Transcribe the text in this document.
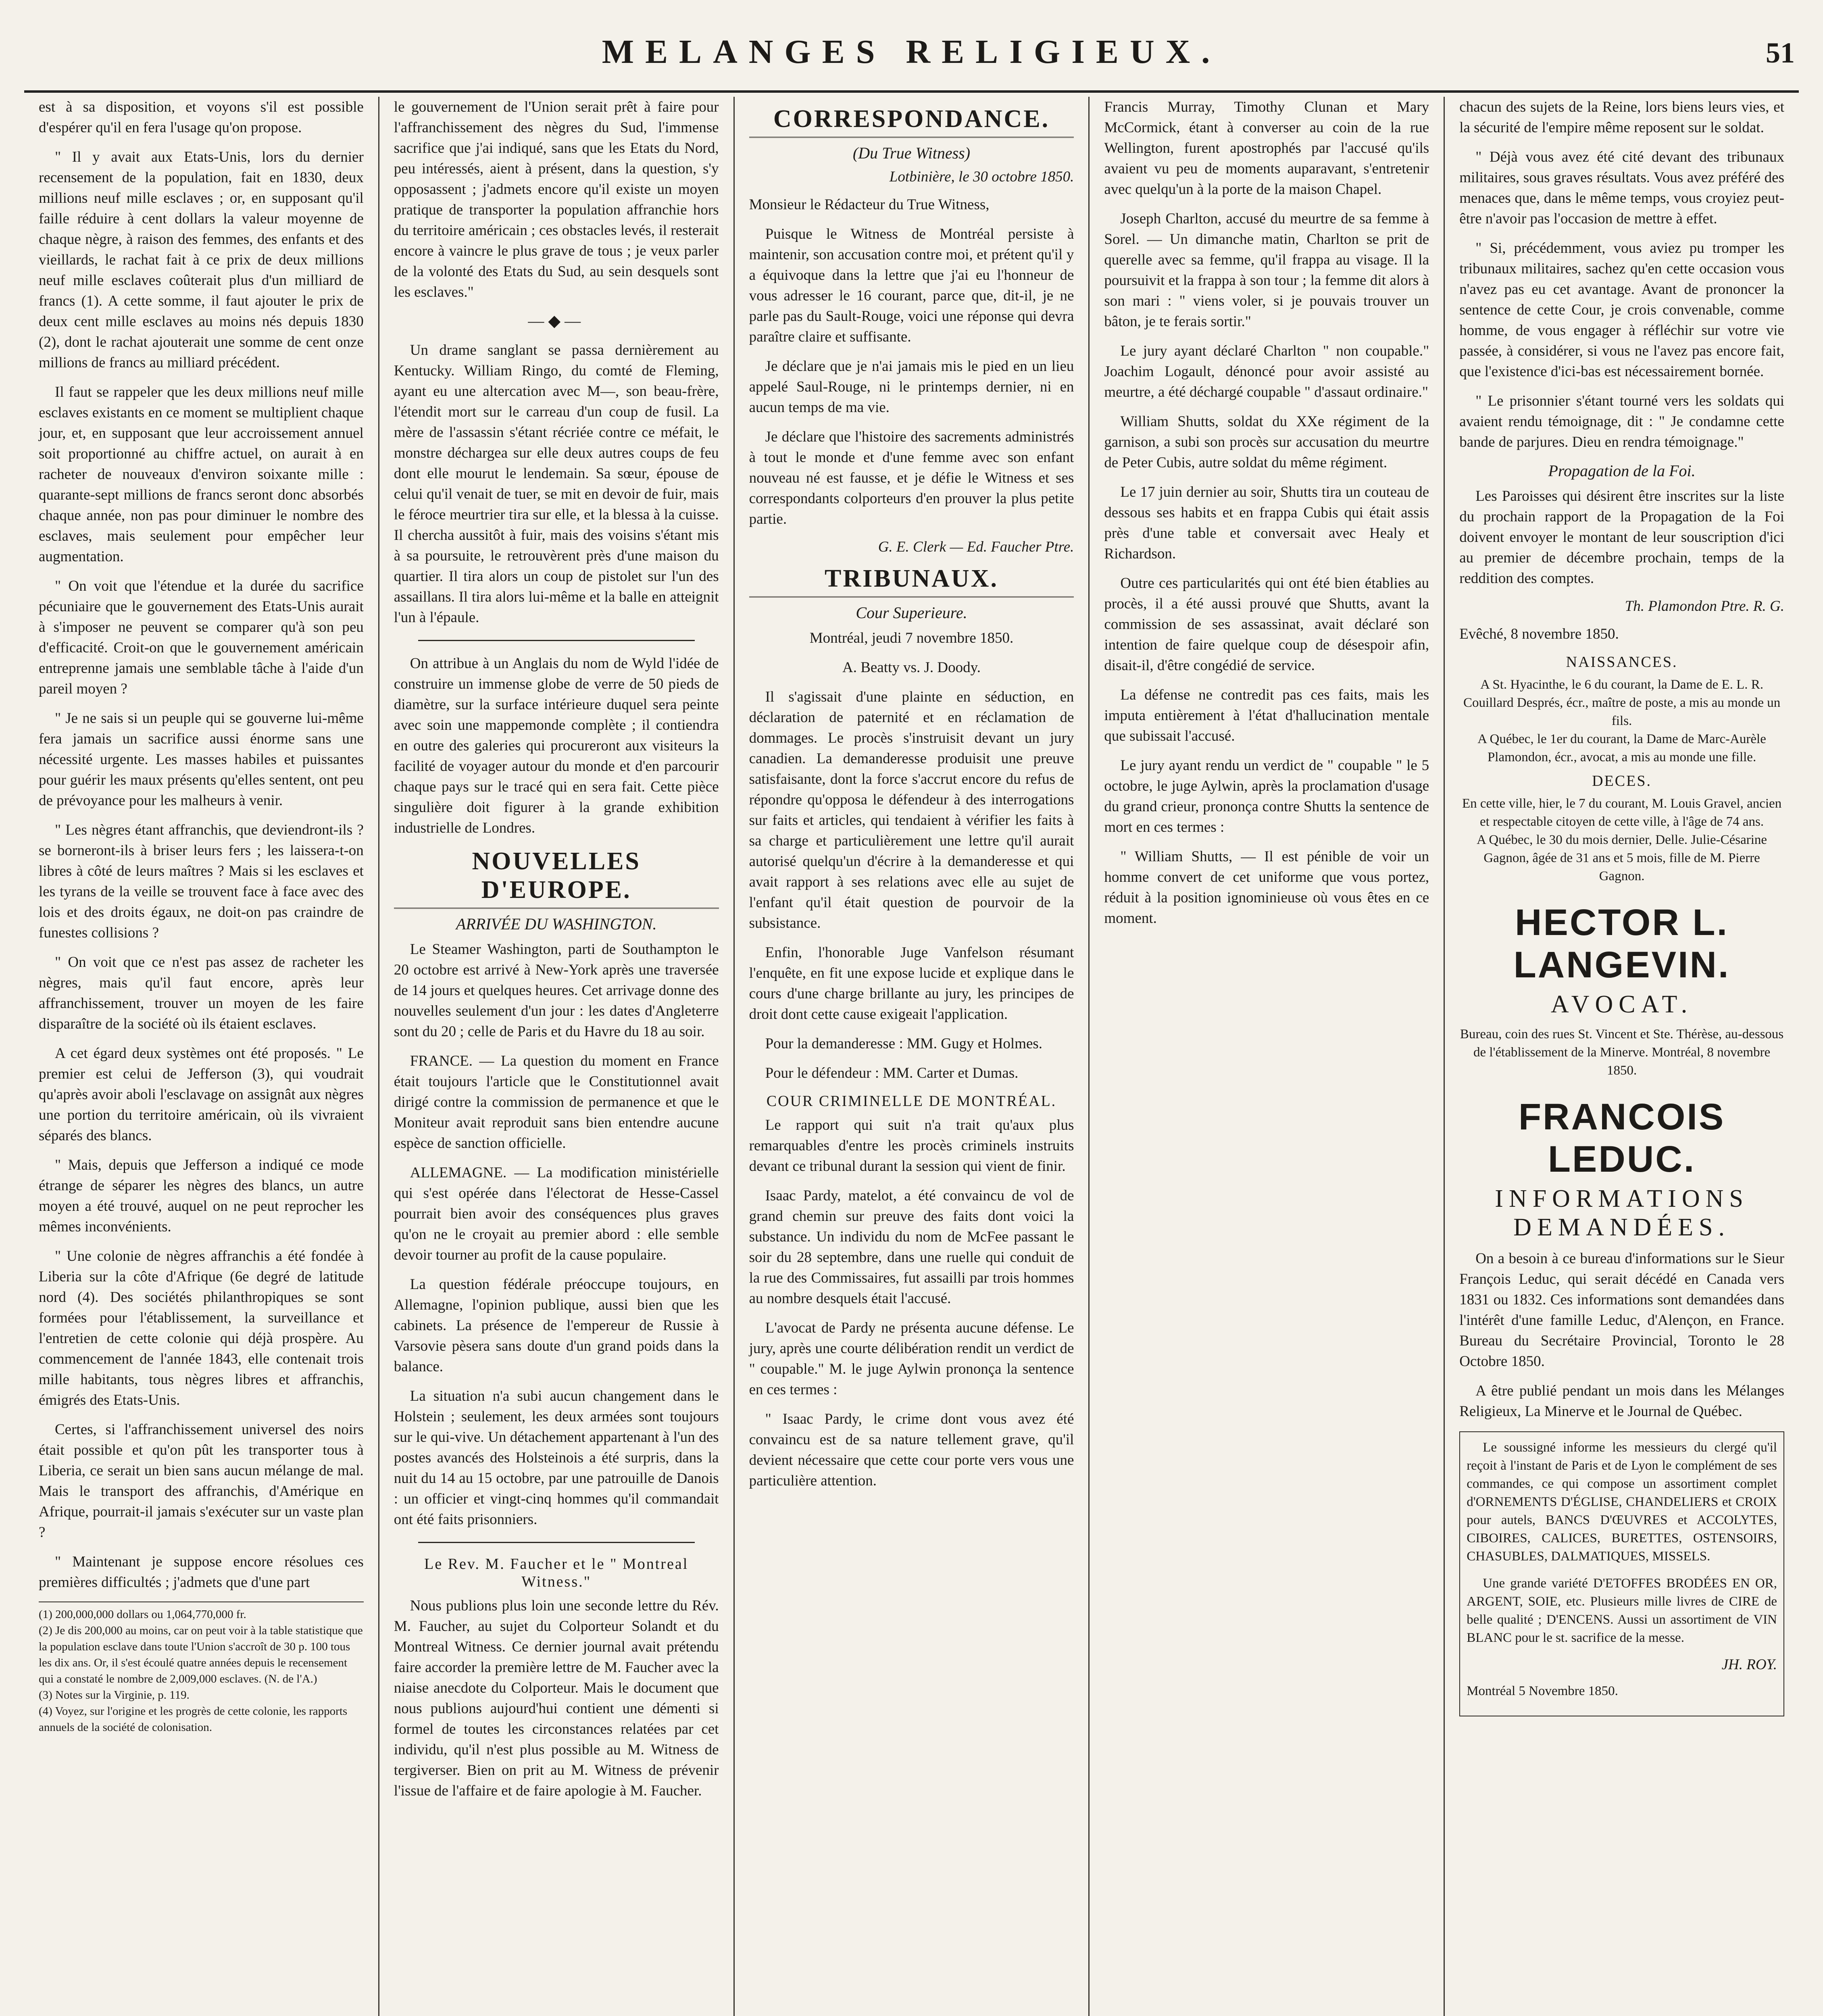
MELANGES RELIGIEUX.	51

est à sa disposition, et voyons s'il est possible d'espérer qu'il en fera l'usage qu'on propose.

" Il y avait aux Etats-Unis, lors du dernier recensement de la population, fait en 1830, deux millions neuf mille esclaves ; or, en supposant qu'il faille réduire à cent dollars la valeur moyenne de chaque nègre, à raison des femmes, des enfants et des vieillards, le rachat fait à ce prix de deux millions neuf mille esclaves coûterait plus d'un milliard de francs (1). A cette somme, il faut ajouter le prix de deux cent mille esclaves au moins nés depuis 1830 (2), dont le rachat ajouterait une somme de cent onze millions de francs au milliard précédent.

Il faut se rappeler que les deux millions neuf mille esclaves existants en ce moment se multiplient chaque jour, et, en supposant que leur accroissement annuel soit proportionné au chiffre actuel, on aurait à en racheter de nouveaux d'environ soixante mille : quarante-sept millions de francs seront donc absorbés chaque année, non pas pour diminuer le nombre des esclaves, mais seulement pour empêcher leur augmentation.

" On voit que l'étendue et la durée du sacrifice pécuniaire que le gouvernement des Etats-Unis aurait à s'imposer ne peuvent se comparer qu'à son peu d'efficacité. Croit-on que le gouvernement américain entreprenne jamais une semblable tâche à l'aide d'un pareil moyen ?

" Je ne sais si un peuple qui se gouverne lui-même fera jamais un sacrifice aussi énorme sans une nécessité urgente. Les masses habiles et puissantes pour guérir les maux présents qu'elles sentent, ont peu de prévoyance pour les malheurs à venir.

" Les nègres étant affranchis, que deviendront-ils ? se borneront-ils à briser leurs fers ; les laissera-t-on libres à côté de leurs maîtres ? Mais si les esclaves et les tyrans de la veille se trouvent face à face avec des lois et des droits égaux, ne doit-on pas craindre de funestes collisions ?

" On voit que ce n'est pas assez de racheter les nègres, mais qu'il faut encore, après leur affranchissement, trouver un moyen de les faire disparaître de la société où ils étaient esclaves.

A cet égard deux systèmes ont été proposés. " Le premier est celui de Jefferson (3), qui voudrait qu'après avoir aboli l'esclavage on assignât aux nègres une portion du territoire américain, où ils vivraient séparés des blancs.

" Mais, depuis que Jefferson a indiqué ce mode étrange de séparer les nègres des blancs, un autre moyen a été trouvé, auquel on ne peut reprocher les mêmes inconvénients.

" Une colonie de nègres affranchis a été fondée à Liberia sur la côte d'Afrique (6e degré de latitude nord (4). Des sociétés philanthropiques se sont formées pour l'établissement, la surveillance et l'entretien de cette colonie qui déjà prospère. Au commencement de l'année 1843, elle contenait trois mille habitants, tous nègres libres et affranchis, émigrés des Etats-Unis.

Certes, si l'affranchissement universel des noirs était possible et qu'on pût les transporter tous à Liberia, ce serait un bien sans aucun mélange de mal. Mais le transport des affranchis, d'Amérique en Afrique, pourrait-il jamais s'exécuter sur un vaste plan ?

" Maintenant je suppose encore résolues ces premières difficultés ; j'admets que d'une part

(1) 200,000,000 dollars ou 1,064,770,000 fr.
(2) Je dis 200,000 au moins, car on peut voir à la table statistique que la population esclave dans toute l'Union s'accroît de 30 p. 100 tous les dix ans. Or, il s'est écoulé quatre années depuis le recensement qui a constaté le nombre de 2,009,000 esclaves. (N. de l'A.)
(3) Notes sur la Virginie, p. 119.
(4) Voyez, sur l'origine et les progrès de cette colonie, les rapports annuels de la société de colonisation.

le gouvernement de l'Union serait prêt à faire pour l'affranchissement des nègres du Sud, l'immense sacrifice que j'ai indiqué, sans que les Etats du Nord, peu intéressés, aient à présent, dans la question, s'y opposassent ; j'admets encore qu'il existe un moyen pratique de transporter la population affranchie hors du territoire américain ; ces obstacles levés, il resterait encore à vaincre le plus grave de tous ; je veux parler de la volonté des Etats du Sud, au sein desquels sont les esclaves."

—◆—

Un drame sanglant se passa dernièrement au Kentucky. William Ringo, du comté de Fleming, ayant eu une altercation avec M—, son beau-frère, l'étendit mort sur le carreau d'un coup de fusil. La mère de l'assassin s'étant récriée contre ce méfait, le monstre déchargea sur elle deux autres coups de feu dont elle mourut le lendemain. Sa sœur, épouse de celui qu'il venait de tuer, se mit en devoir de fuir, mais le féroce meurtrier tira sur elle, et la blessa à la cuisse. Il chercha aussitôt à fuir, mais des voisins s'étant mis à sa poursuite, le retrouvèrent près d'une maison du quartier. Il tira alors un coup de pistolet sur l'un des assaillans. Il tira alors lui-même et la balle en atteignit l'un à l'épaule.

On attribue à un Anglais du nom de Wyld l'idée de construire un immense globe de verre de 50 pieds de diamètre, sur la surface intérieure duquel sera peinte avec soin une mappemonde complète ; il contiendra en outre des galeries qui procureront aux visiteurs la facilité de voyager autour du monde et d'en parcourir chaque pays sur le tracé qui en sera fait. Cette pièce singulière doit figurer à la grande exhibition industrielle de Londres.

NOUVELLES D'EUROPE.
ARRIVÉE DU WASHINGTON.

Le Steamer Washington, parti de Southampton le 20 octobre est arrivé à New-York après une traversée de 14 jours et quelques heures. Cet arrivage donne des nouvelles seulement d'un jour : les dates d'Angleterre sont du 20 ; celle de Paris et du Havre du 18 au soir.

FRANCE. — La question du moment en France était toujours l'article que le Constitutionnel avait dirigé contre la commission de permanence et que le Moniteur avait reproduit sans bien entendre aucune espèce de sanction officielle.

ALLEMAGNE. — La modification ministérielle qui s'est opérée dans l'électorat de Hesse-Cassel pourrait bien avoir des conséquences plus graves qu'on ne le croyait au premier abord : elle semble devoir tourner au profit de la cause populaire.

La question fédérale préoccupe toujours, en Allemagne, l'opinion publique, aussi bien que les cabinets. La présence de l'empereur de Russie à Varsovie pèsera sans doute d'un grand poids dans la balance.

La situation n'a subi aucun changement dans le Holstein ; seulement, les deux armées sont toujours sur le qui-vive. Un détachement appartenant à l'un des postes avancés des Holsteinois a été surpris, dans la nuit du 14 au 15 octobre, par une patrouille de Danois : un officier et vingt-cinq hommes qu'il commandait ont été faits prisonniers.

Le Rev. M. Faucher et le " Montreal Witness."

Nous publions plus loin une seconde lettre du Rév. M. Faucher, au sujet du Colporteur Solandt et du Montreal Witness. Ce dernier journal avait prétendu faire accorder la première lettre de M. Faucher avec la niaise anecdote du Colporteur. Mais le document que nous publions aujourd'hui contient une démenti si formel de toutes les circonstances relatées par cet individu, qu'il n'est plus possible au M. Witness de tergiverser. Bien on prit au M. Witness de prévenir l'issue de l'affaire et de faire apologie à M. Faucher.

CORRESPONDANCE.
(Du True Witness)
Lotbinière, le 30 octobre 1850.

Monsieur le Rédacteur du True Witness,

Puisque le Witness de Montréal persiste à maintenir, son accusation contre moi, et prétent qu'il y a équivoque dans la lettre que j'ai eu l'honneur de vous adresser le 16 courant, parce que, dit-il, je ne parle pas du Sault-Rouge, voici une réponse qui devra paraître claire et suffisante.

Je déclare que je n'ai jamais mis le pied en un lieu appelé Saul-Rouge, ni le printemps dernier, ni en aucun temps de ma vie.

Je déclare que l'histoire des sacrements administrés à tout le monde et d'une femme avec son enfant nouveau né est fausse, et je défie le Witness et ses correspondants colporteurs d'en prouver la plus petite partie.

G. E. Clerk — Ed. Faucher Ptre.
TRIBUNAUX.
Cour Superieure.

Montréal, jeudi 7 novembre 1850.

A. Beatty vs. J. Doody.

Il s'agissait d'une plainte en séduction, en déclaration de paternité et en réclamation de dommages. Le procès s'instruisit devant un jury canadien. La demanderesse produisit une preuve satisfaisante, dont la force s'accrut encore du refus de répondre qu'opposa le défendeur à des interrogations sur faits et articles, qui tendaient à vérifier les faits à sa charge et particulièrement une lettre qu'il aurait autorisé quelqu'un d'écrire à la demanderesse et qui avait rapport à ses relations avec elle au sujet de l'enfant qu'il était question de pourvoir de la subsistance.

Enfin, l'honorable Juge Vanfelson résumant l'enquête, en fit une expose lucide et explique dans le cours d'une charge brillante au jury, les principes de droit dont cette cause exigeait l'application.

Pour la demanderesse : MM. Gugy et Holmes.

Pour le défendeur : MM. Carter et Dumas.

COUR CRIMINELLE DE MONTRÉAL.

Le rapport qui suit n'a trait qu'aux plus remarquables d'entre les procès criminels instruits devant ce tribunal durant la session qui vient de finir.

Isaac Pardy, matelot, a été convaincu de vol de grand chemin sur preuve des faits dont voici la substance. Un individu du nom de McFee passant le soir du 28 septembre, dans une ruelle qui conduit de la rue des Commissaires, fut assailli par trois hommes au nombre desquels était l'accusé.

L'avocat de Pardy ne présenta aucune défense. Le jury, après une courte délibération rendit un verdict de " coupable." M. le juge Aylwin prononça la sentence en ces termes :

" Isaac Pardy, le crime dont vous avez été convaincu est de sa nature tellement grave, qu'il devient nécessaire que cette cour porte vers vous une particulière attention.

Francis Murray, Timothy Clunan et Mary McCormick, étant à converser au coin de la rue Wellington, furent apostrophés par l'accusé qu'ils avaient vu peu de moments auparavant, s'entretenir avec quelqu'un à la porte de la maison Chapel.

Joseph Charlton, accusé du meurtre de sa femme à Sorel. — Un dimanche matin, Charlton se prit de querelle avec sa femme, qu'il frappa au visage. Il la poursuivit et la frappa à son tour ; la femme dit alors à son mari : " viens voler, si je pouvais trouver un bâton, je te ferais sortir."

Le jury ayant déclaré Charlton " non coupable." Joachim Logault, dénoncé pour avoir assisté au meurtre, a été déchargé coupable " d'assaut ordinaire."

William Shutts, soldat du XXe régiment de la garnison, a subi son procès sur accusation du meurtre de Peter Cubis, autre soldat du même régiment.

Le 17 juin dernier au soir, Shutts tira un couteau de dessous ses habits et en frappa Cubis qui était assis près d'une table et conversait avec Healy et Richardson.

Outre ces particularités qui ont été bien établies au procès, il a été aussi prouvé que Shutts, avant la commission de ses assassinat, avait déclaré son intention de faire quelque coup de désespoir afin, disait-il, d'être congédié de service.

La défense ne contredit pas ces faits, mais les imputa entièrement à l'état d'hallucination mentale que subissait l'accusé.

Le jury ayant rendu un verdict de " coupable " le 5 octobre, le juge Aylwin, après la proclamation d'usage du grand crieur, prononça contre Shutts la sentence de mort en ces termes :

" William Shutts, — Il est pénible de voir un homme convert de cet uniforme que vous portez, réduit à la position ignominieuse où vous êtes en ce moment.

chacun des sujets de la Reine, lors biens leurs vies, et la sécurité de l'empire même reposent sur le soldat.

" Déjà vous avez été cité devant des tribunaux militaires, sous graves résultats. Vous avez préféré des menaces que, dans le même temps, vous croyiez peut-être n'avoir pas l'occasion de mettre à effet.

" Si, précédemment, vous aviez pu tromper les tribunaux militaires, sachez qu'en cette occasion vous n'avez pas eu cet avantage. Avant de prononcer la sentence de cette Cour, je crois convenable, comme homme, de vous engager à réfléchir sur votre vie passée, à considérer, si vous ne l'avez pas encore fait, que l'existence d'ici-bas est nécessairement bornée.

" Le prisonnier s'étant tourné vers les soldats qui avaient rendu témoignage, dit : " Je condamne cette bande de parjures. Dieu en rendra témoignage."

Propagation de la Foi.

Les Paroisses qui désirent être inscrites sur la liste du prochain rapport de la Propagation de la Foi doivent envoyer le montant de leur souscription d'ici au premier de décembre prochain, temps de la reddition des comptes.

Th. Plamondon Ptre. R. G.

Evêché, 8 novembre 1850.

NAISSANCES.
A St. Hyacinthe, le 6 du courant, la Dame de E. L. R. Couillard Després, écr., maître de poste, a mis au monde un fils.
A Québec, le 1er du courant, la Dame de Marc-Aurèle Plamondon, écr., avocat, a mis au monde une fille.
DECES.
En cette ville, hier, le 7 du courant, M. Louis Gravel, ancien et respectable citoyen de cette ville, à l'âge de 74 ans.
A Québec, le 30 du mois dernier, Delle. Julie-Césarine Gagnon, âgée de 31 ans et 5 mois, fille de M. Pierre Gagnon.
HECTOR L. LANGEVIN.
AVOCAT.
Bureau, coin des rues St. Vincent et Ste. Thérèse, au-dessous de l'établissement de la Minerve. Montréal, 8 novembre 1850.
FRANCOIS LEDUC.
INFORMATIONS DEMANDÉES.

On a besoin à ce bureau d'informations sur le Sieur François Leduc, qui serait décédé en Canada vers 1831 ou 1832. Ces informations sont demandées dans l'intérêt d'une famille Leduc, d'Alençon, en France. Bureau du Secrétaire Provincial, Toronto le 28 Octobre 1850.

A être publié pendant un mois dans les Mélanges Religieux, La Minerve et le Journal de Québec.

Le soussigné informe les messieurs du clergé qu'il reçoit à l'instant de Paris et de Lyon le complément de ses commandes, ce qui compose un assortiment complet d'ORNEMENTS D'ÉGLISE, CHANDELIERS et CROIX pour autels, BANCS D'ŒUVRES et ACCOLYTES, CIBOIRES, CALICES, BURETTES, OSTENSOIRS, CHASUBLES, DALMATIQUES, MISSELS.

Une grande variété D'ETOFFES BRODÉES EN OR, ARGENT, SOIE, etc. Plusieurs mille livres de CIRE de belle qualité ; D'ENCENS. Aussi un assortiment de VIN BLANC pour le st. sacrifice de la messe.

JH. ROY.

Montréal 5 Novembre 1850.
